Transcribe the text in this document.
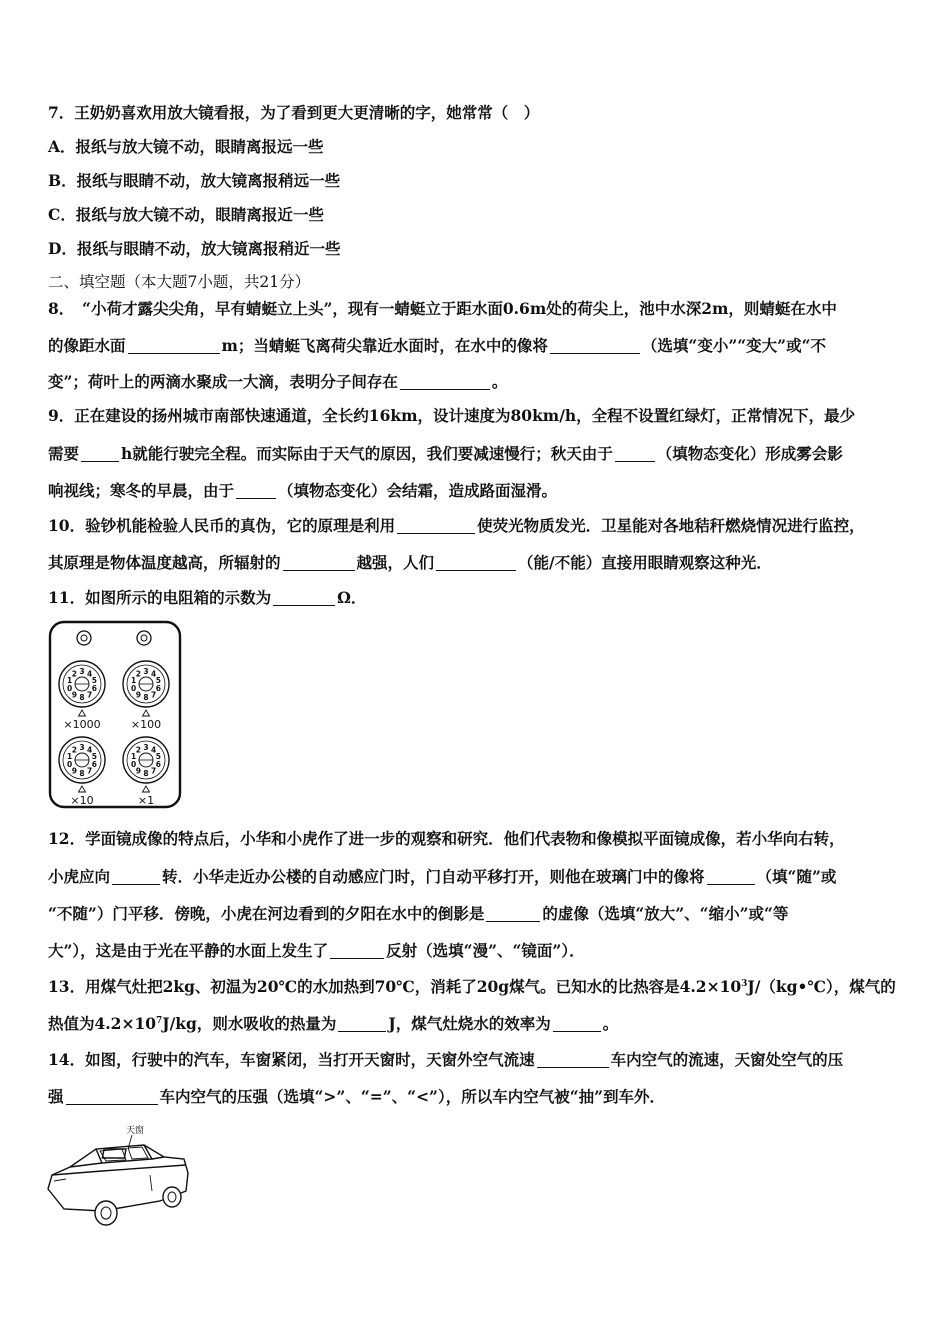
7．王奶奶喜欢用放大镜看报，为了看到更大更清晰的字，她常常（　）
A．报纸与放大镜不动，眼睛离报远一些
B．报纸与眼睛不动，放大镜离报稍远一些
C．报纸与放大镜不动，眼睛离报近一些
D．报纸与眼睛不动，放大镜离报稍近一些
二、填空题（本大题7小题，共21分）
8．　“小荷才露尖尖角，早有蜻蜓立上头”，现有一蜻蜓立于距水面0.6m处的荷尖上，池中水深2m，则蜻蜓在水中
的像距水面	m；当蜻蜓飞离荷尖靠近水面时，在水中的像将	（选填“变小”“变大”或“不
变”；荷叶上的两滴水聚成一大滴，表明分子间存在	。
9．正在建设的扬州城市南部快速通道，全长约16km，设计速度为80km/h，全程不设置红绿灯，正常情况下，最少
需要	h就能行驶完全程。而实际由于天气的原因，我们要减速慢行；秋天由于	（填物态变化）形成雾会影
响视线；寒冬的早晨，由于	（填物态变化）会结霜，造成路面湿滑。
10．验钞机能检验人民币的真伪，它的原理是利用	使荧光物质发光．卫星能对各地秸秆燃烧情况进行监控，
其原理是物体温度越高，所辐射的	越强，人们	（能/不能）直接用眼睛观察这种光．
11．如图所示的电阻箱的示数为	Ω．
3 4
5
6
7
8
9
0
1
2
×1000
3 4
5
6
7
8
9
0
1
2
×100
3 4
5
6
7
8
9
0
1
2
×10
3 4
5
6
7
8
9
0
1
2
×1
12．学面镜成像的特点后，小华和小虎作了进一步的观察和研究．他们代表物和像模拟平面镜成像，若小华向右转，
小虎应向	转．小华走近办公楼的自动感应门时，门自动平移打开，则他在玻璃门中的像将	（填“随”或
“不随”）门平移．傍晚，小虎在河边看到的夕阳在水中的倒影是	的虚像（选填“放大”、“缩小”或“等
大”），这是由于光在平静的水面上发生了	反射（选填“漫”、“镜面”）．
13．用煤气灶把2kg、初温为20℃的水加热到70℃，消耗了20g煤气。已知水的比热容是$4.2\times 10^3J/(kg•℃)$，煤气的
热值为$4.2\times 10^7J/kg$，则水吸收的热量为	J，煤气灶烧水的效率为	。
14．如图，行驶中的汽车，车窗紧闭，当打开天窗时，天窗外空气流速	车内空气的流速，天窗处空气的压
强	车内空气的压强（选填“>”、“=”、“<”），所以车内空气被“抽”到车外．
天窗
